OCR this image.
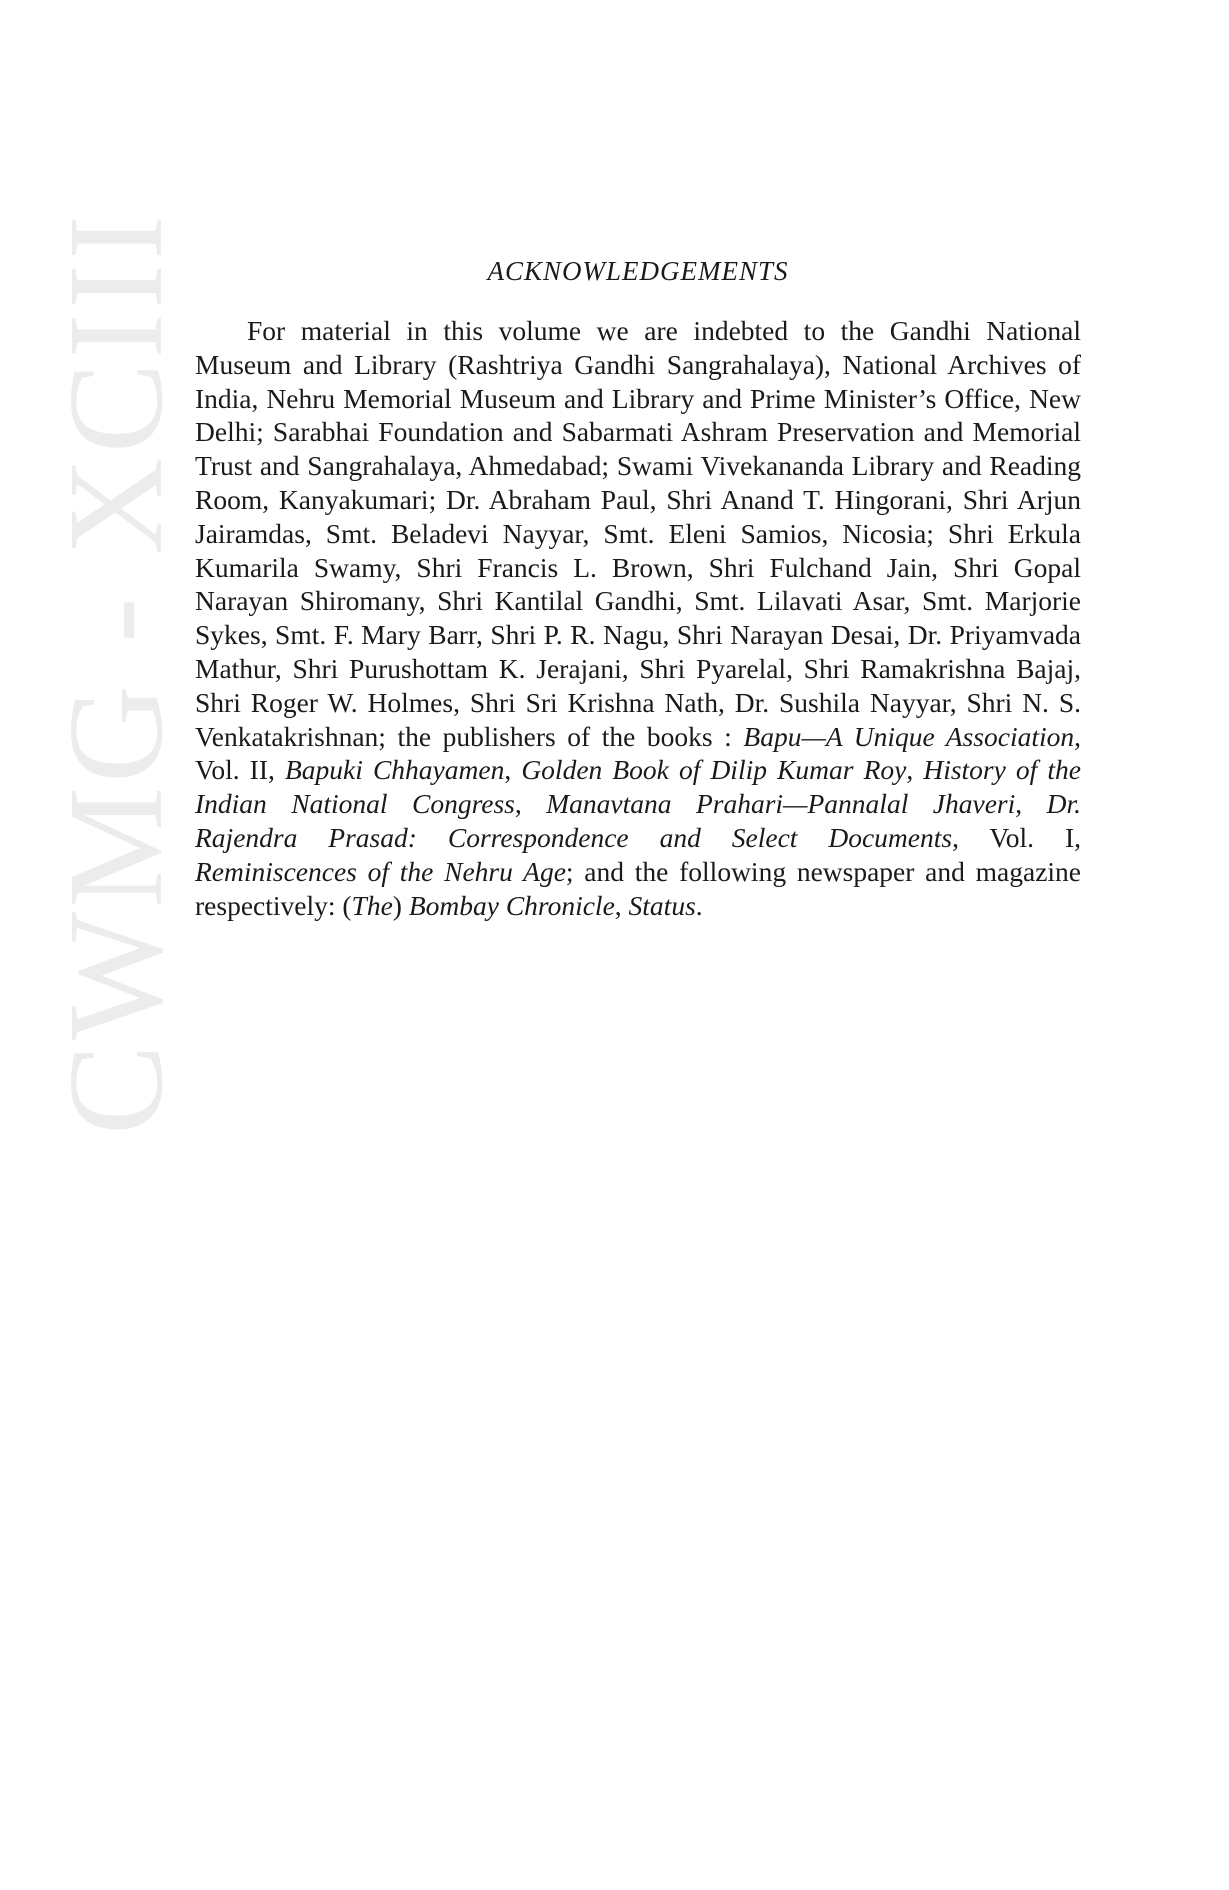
CWMG - XCIII	ACKNOWLEDGEMENTS

For material in this volume we are indebted to the Gandhi National Museum and Library (Rashtriya Gandhi Sangrahalaya), National Archives of India, Nehru Memorial Museum and Library and Prime Minister’s Office, New Delhi; Sarabhai Foundation and Sabarmati Ashram Preservation and Memorial Trust and Sangrahalaya, Ahmedabad; Swami Vivekananda Library and Reading Room, Kanyakumari; Dr. Abraham Paul, Shri Anand T. Hingorani, Shri Arjun Jairamdas, Smt. Beladevi Nayyar, Smt. Eleni Samios, Nicosia; Shri Erkula Kumarila Swamy, Shri Francis L. Brown, Shri Fulchand Jain, Shri Gopal Narayan Shiromany, Shri Kantilal Gandhi, Smt. Lilavati Asar, Smt. Marjorie Sykes, Smt. F. Mary Barr, Shri P. R. Nagu, Shri Narayan Desai, Dr. Priyamvada Mathur, Shri Purushottam K. Jerajani, Shri Pyarelal, Shri Ramakrishna Bajaj, Shri Roger W. Holmes, Shri Sri Krishna Nath, Dr. Sushila Nayyar, Shri N. S. Venkatakrishnan; the publishers of the books : Bapu—A Unique Association, Vol. II, Bapuki Chhayamen, Golden Book of Dilip Kumar Roy, History of the Indian National Congress, Manavtana Prahari—Pannalal Jhaveri, Dr. Rajendra Prasad: Correspondence and Select Documents, Vol. I, Reminiscences of the Nehru Age; and the following newspaper and magazine respectively: (The) Bombay Chronicle, Status.
